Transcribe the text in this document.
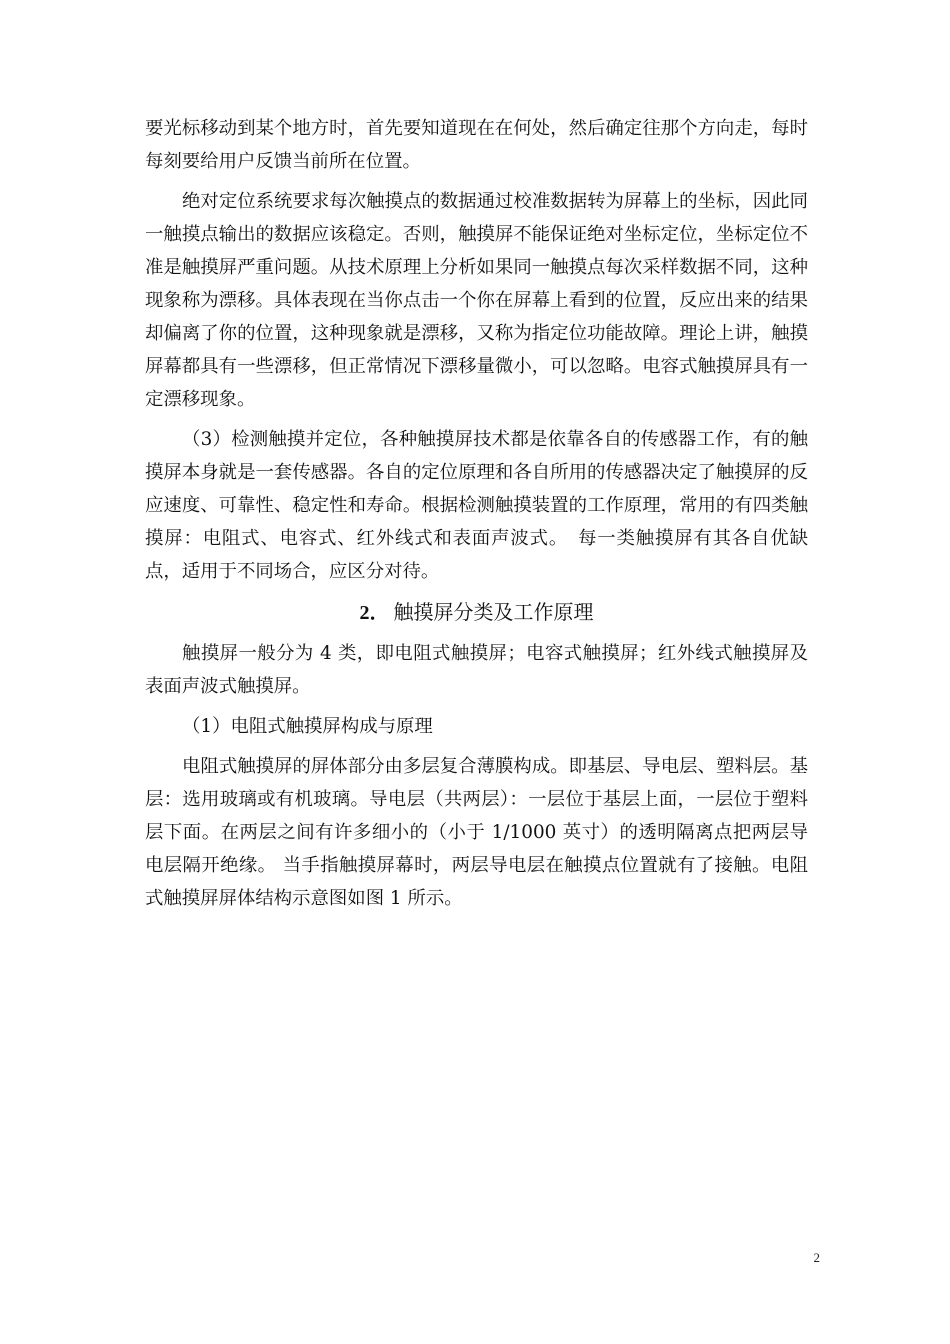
要光标移动到某个地方时，首先要知道现在在何处，然后确定往那个方向走，每时每刻要给用户反馈当前所在位置。

绝对定位系统要求每次触摸点的数据通过校准数据转为屏幕上的坐标，因此同一触摸点输出的数据应该稳定。否则，触摸屏不能保证绝对坐标定位，坐标定位不准是触摸屏严重问题。从技术原理上分析如果同一触摸点每次采样数据不同，这种现象称为漂移。具体表现在当你点击一个你在屏幕上看到的位置，反应出来的结果却偏离了你的位置，这种现象就是漂移，又称为指定位功能故障。理论上讲，触摸屏幕都具有一些漂移，但正常情况下漂移量微小，可以忽略。电容式触摸屏具有一定漂移现象。

（3）检测触摸并定位，各种触摸屏技术都是依靠各自的传感器工作，有的触摸屏本身就是一套传感器。各自的定位原理和各自所用的传感器决定了触摸屏的反应速度、可靠性、稳定性和寿命。根据检测触摸装置的工作原理，常用的有四类触摸屏：电阻式、电容式、红外线式和表面声波式。　每一类触摸屏有其各自优缺点，适用于不同场合，应区分对待。

2． 触摸屏分类及工作原理

触摸屏一般分为 4 类，即电阻式触摸屏；电容式触摸屏；红外线式触摸屏及表面声波式触摸屏。

（1）电阻式触摸屏构成与原理

电阻式触摸屏的屏体部分由多层复合薄膜构成。即基层、导电层、塑料层。基层：选用玻璃或有机玻璃。导电层（共两层）：一层位于基层上面，一层位于塑料层下面。在两层之间有许多细小的（小于 1/1000 英寸）的透明隔离点把两层导电层隔开绝缘。 当手指触摸屏幕时，两层导电层在触摸点位置就有了接触。电阻式触摸屏屏体结构示意图如图 1 所示。

2
